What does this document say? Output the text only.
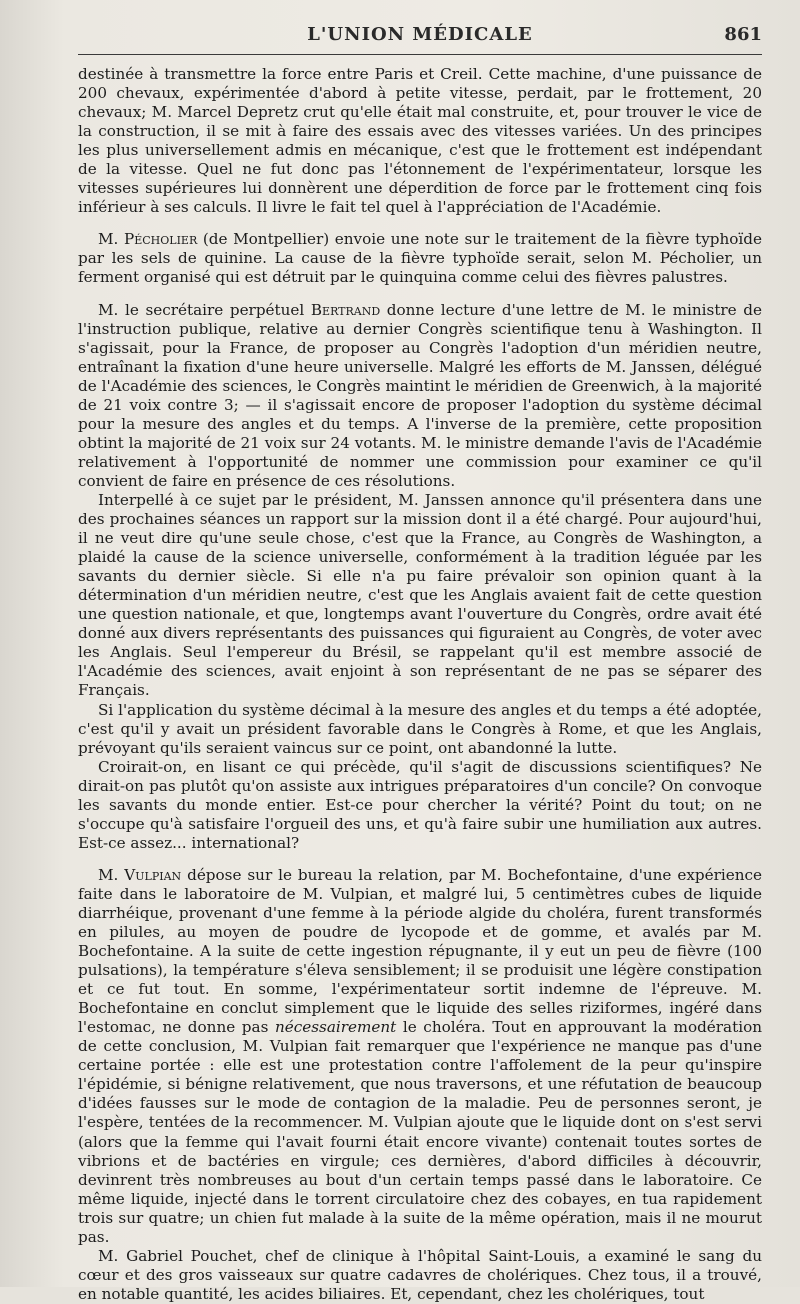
L'UNION MÉDICALE	861

destinée à transmettre la force entre Paris et Creil. Cette machine, d'une puissance de 200 chevaux, expérimentée d'abord à petite vitesse, perdait, par le frottement, 20 chevaux; M. Marcel Depretz crut qu'elle était mal construite, et, pour trouver le vice de la construction, il se mit à faire des essais avec des vitesses variées. Un des principes les plus universellement admis en mécanique, c'est que le frottement est indépendant de la vitesse. Quel ne fut donc pas l'étonnement de l'expérimentateur, lorsque les vitesses supérieures lui donnèrent une déperdition de force par le frottement cinq fois inférieur à ses calculs. Il livre le fait tel quel à l'appréciation de l'Académie.

M. Pécholier (de Montpellier) envoie une note sur le traitement de la fièvre typhoïde par les sels de quinine. La cause de la fièvre typhoïde serait, selon M. Pécholier, un ferment organisé qui est détruit par le quinquina comme celui des fièvres palustres.

M. le secrétaire perpétuel Bertrand donne lecture d'une lettre de M. le ministre de l'instruction publique, relative au dernier Congrès scientifique tenu à Washington. Il s'agissait, pour la France, de proposer au Congrès l'adoption d'un méridien neutre, entraînant la fixation d'une heure universelle. Malgré les efforts de M. Janssen, délégué de l'Académie des sciences, le Congrès maintint le méridien de Greenwich, à la majorité de 21 voix contre 3; — il s'agissait encore de proposer l'adoption du système décimal pour la mesure des angles et du temps. A l'inverse de la première, cette proposition obtint la majorité de 21 voix sur 24 votants. M. le ministre demande l'avis de l'Académie relativement à l'opportunité de nommer une commission pour examiner ce qu'il convient de faire en présence de ces résolutions.

Interpellé à ce sujet par le président, M. Janssen annonce qu'il présentera dans une des prochaines séances un rapport sur la mission dont il a été chargé. Pour aujourd'hui, il ne veut dire qu'une seule chose, c'est que la France, au Congrès de Washington, a plaidé la cause de la science universelle, conformément à la tradition léguée par les savants du dernier siècle. Si elle n'a pu faire prévaloir son opinion quant à la détermination d'un méridien neutre, c'est que les Anglais avaient fait de cette question une question nationale, et que, longtemps avant l'ouverture du Congrès, ordre avait été donné aux divers représentants des puissances qui figuraient au Congrès, de voter avec les Anglais. Seul l'empereur du Brésil, se rappelant qu'il est membre associé de l'Académie des sciences, avait enjoint à son représentant de ne pas se séparer des Français.

Si l'application du système décimal à la mesure des angles et du temps a été adoptée, c'est qu'il y avait un président favorable dans le Congrès à Rome, et que les Anglais, prévoyant qu'ils seraient vaincus sur ce point, ont abandonné la lutte.

Croirait-on, en lisant ce qui précède, qu'il s'agit de discussions scientifiques? Ne dirait-on pas plutôt qu'on assiste aux intrigues préparatoires d'un concile? On convoque les savants du monde entier. Est-ce pour chercher la vérité? Point du tout; on ne s'occupe qu'à satisfaire l'orgueil des uns, et qu'à faire subir une humiliation aux autres. Est-ce assez... international?

M. Vulpian dépose sur le bureau la relation, par M. Bochefontaine, d'une expérience faite dans le laboratoire de M. Vulpian, et malgré lui, 5 centimètres cubes de liquide diarrhéique, provenant d'une femme à la période algide du choléra, furent transformés en pilules, au moyen de poudre de lycopode et de gomme, et avalés par M. Bochefontaine. A la suite de cette ingestion répugnante, il y eut un peu de fièvre (100 pulsations), la température s'éleva sensiblement; il se produisit une légère constipation et ce fut tout. En somme, l'expérimentateur sortit indemne de l'épreuve. M. Bochefontaine en conclut simplement que le liquide des selles riziformes, ingéré dans l'estomac, ne donne pas nécessairement le choléra. Tout en approuvant la modération de cette conclusion, M. Vulpian fait remarquer que l'expérience ne manque pas d'une certaine portée : elle est une protestation contre l'affolement de la peur qu'inspire l'épidémie, si bénigne relativement, que nous traversons, et une réfutation de beaucoup d'idées fausses sur le mode de contagion de la maladie. Peu de personnes seront, je l'espère, tentées de la recommencer. M. Vulpian ajoute que le liquide dont on s'est servi (alors que la femme qui l'avait fourni était encore vivante) contenait toutes sortes de vibrions et de bactéries en virgule; ces dernières, d'abord difficiles à découvrir, devinrent très nombreuses au bout d'un certain temps passé dans le laboratoire. Ce même liquide, injecté dans le torrent circulatoire chez des cobayes, en tua rapidement trois sur quatre; un chien fut malade à la suite de la même opération, mais il ne mourut pas.

M. Gabriel Pouchet, chef de clinique à l'hôpital Saint-Louis, a examiné le sang du cœur et des gros vaisseaux sur quatre cadavres de cholériques. Chez tous, il a trouvé, en notable quantité, les acides biliaires. Et, cependant, chez les cholériques, tout
